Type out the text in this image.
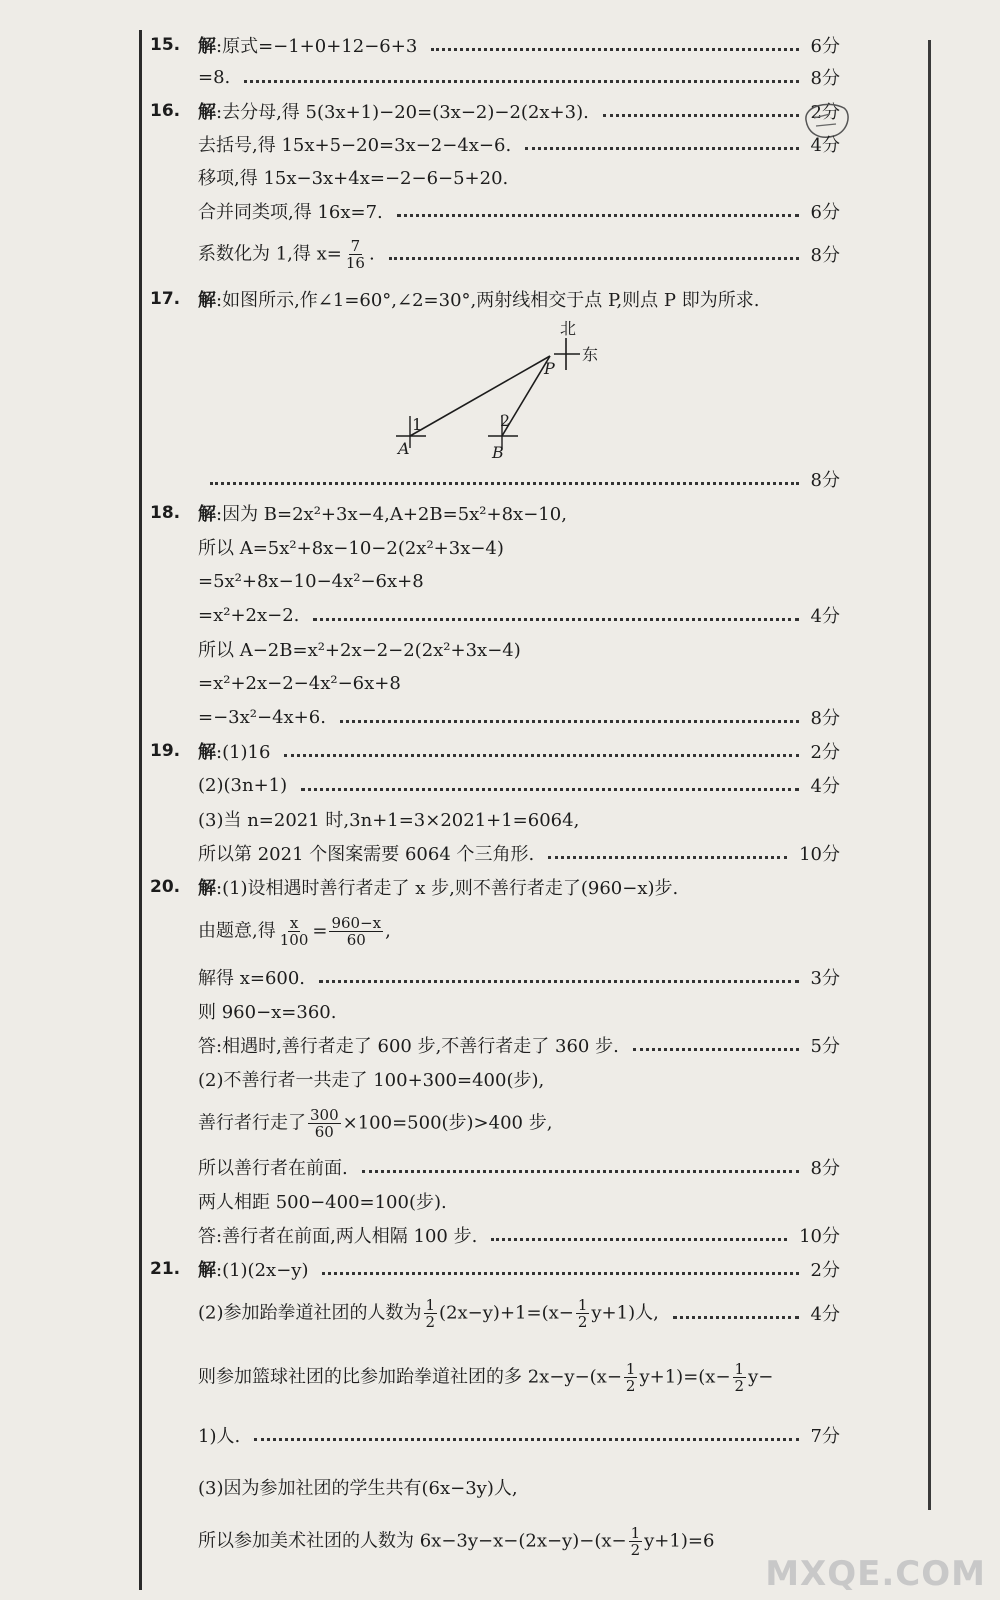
15. 解:原式=−1+0+12−6+3	6分
=8.	8分
16. 解:去分母,得 5(3x+1)−20=(3x−2)−2(2x+3).	2分
去括号,得 15x+5−20=3x−2−4x−6.	4分
移项,得 15x−3x+4x=−2−6−5+20.
合并同类项,得 16x=7.	6分
系数化为 1,得 $x= \frac{7}{16}$ .	8分
17. 解:如图所示,作∠1=60°,∠2=30°,两射线相交于点 P,则点 P 即为所求.
北
东
P
A	B
1	2
8分
18. 解:因为 B=2x²+3x−4,A+2B=5x²+8x−10,
所以 A=5x²+8x−10−2(2x²+3x−4)
=5x²+8x−10−4x²−6x+8
=x²+2x−2.	4分
所以 A−2B=x²+2x−2−2(2x²+3x−4)
=x²+2x−2−4x²−6x+8
=−3x²−4x+6.	8分
19. 解:(1)16	2分
(2)(3n+1)	4分
(3)当 n=2021 时,3n+1=3×2021+1=6064,
所以第 2021 个图案需要 6064 个三角形.	10分
20. 解:(1)设相遇时善行者走了 x 步,则不善行者走了(960−x)步.
由题意,得 $\frac{x}{100} = \frac{960-x}{60}$ ,
解得 x=600.	3分
则 960−x=360.
答:相遇时,善行者走了 600 步,不善行者走了 360 步.	5分
(2)不善行者一共走了 100+300=400(步),
善行者行走了 $\frac{300}{60} \times 100=500$(步)>400 步,
所以善行者在前面.	8分
两人相距 500−400=100(步).
答:善行者在前面,两人相隔 100 步.	10分
21. 解:(1)(2x−y)	2分
(2)参加跆拳道社团的人数为 $\frac{1}{2} (2x-y)+1=(x- \frac{1}{2} y+1)$人,	4分
则参加篮球社团的比参加跆拳道社团的多 $2x-y-(x- \frac{1}{2} y+1)=(x- \frac{1}{2} y-$
1)人.	7分
(3)因为参加社团的学生共有(6x−3y)人,
所以参加美术社团的人数为 $6x-3y-x-(2x-y)-(x- \frac{1}{2} y+1)=6$
MXQE.COM
